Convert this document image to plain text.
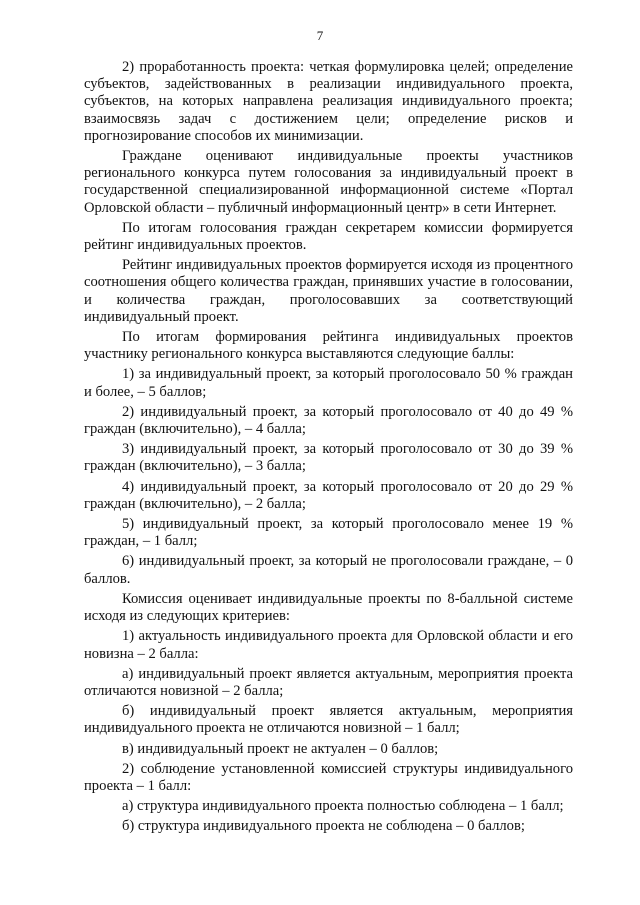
7

2) проработанность проекта: четкая формулировка целей; определение субъектов, задействованных в реализации индивидуального проекта, субъектов, на которых направлена реализация индивидуального проекта; взаимосвязь задач с достижением цели; определение рисков и прогнозирование способов их минимизации.

Граждане оценивают индивидуальные проекты участников регионального конкурса путем голосования за индивидуальный проект в государственной специализированной информационной системе «Портал Орловской области – публичный информационный центр» в сети Интернет.

По итогам голосования граждан секретарем комиссии формируется рейтинг индивидуальных проектов.

Рейтинг индивидуальных проектов формируется исходя из процентного соотношения общего количества граждан, принявших участие в голосовании, и количества граждан, проголосовавших за соответствующий индивидуальный проект.

По итогам формирования рейтинга индивидуальных проектов участнику регионального конкурса выставляются следующие баллы:

1) за индивидуальный проект, за который проголосовало 50 % граждан и более, – 5 баллов;

2) индивидуальный проект, за который проголосовало от 40 до 49 % граждан (включительно), – 4 балла;

3) индивидуальный проект, за который проголосовало от 30 до 39 % граждан (включительно), – 3 балла;

4) индивидуальный проект, за который проголосовало от 20 до 29 % граждан (включительно), – 2 балла;

5) индивидуальный проект, за который проголосовало менее 19 % граждан, – 1 балл;

6) индивидуальный проект, за который не проголосовали граждане, – 0 баллов.

Комиссия оценивает индивидуальные проекты по 8-балльной системе исходя из следующих критериев:

1) актуальность индивидуального проекта для Орловской области и его новизна – 2 балла:

а) индивидуальный проект является актуальным, мероприятия проекта отличаются новизной – 2 балла;

б) индивидуальный проект является актуальным, мероприятия индивидуального проекта не отличаются новизной – 1 балл;

в) индивидуальный проект не актуален – 0 баллов;

2) соблюдение установленной комиссией структуры индивидуального проекта – 1 балл:

а) структура индивидуального проекта полностью соблюдена – 1 балл;

б) структура индивидуального проекта не соблюдена – 0 баллов;
